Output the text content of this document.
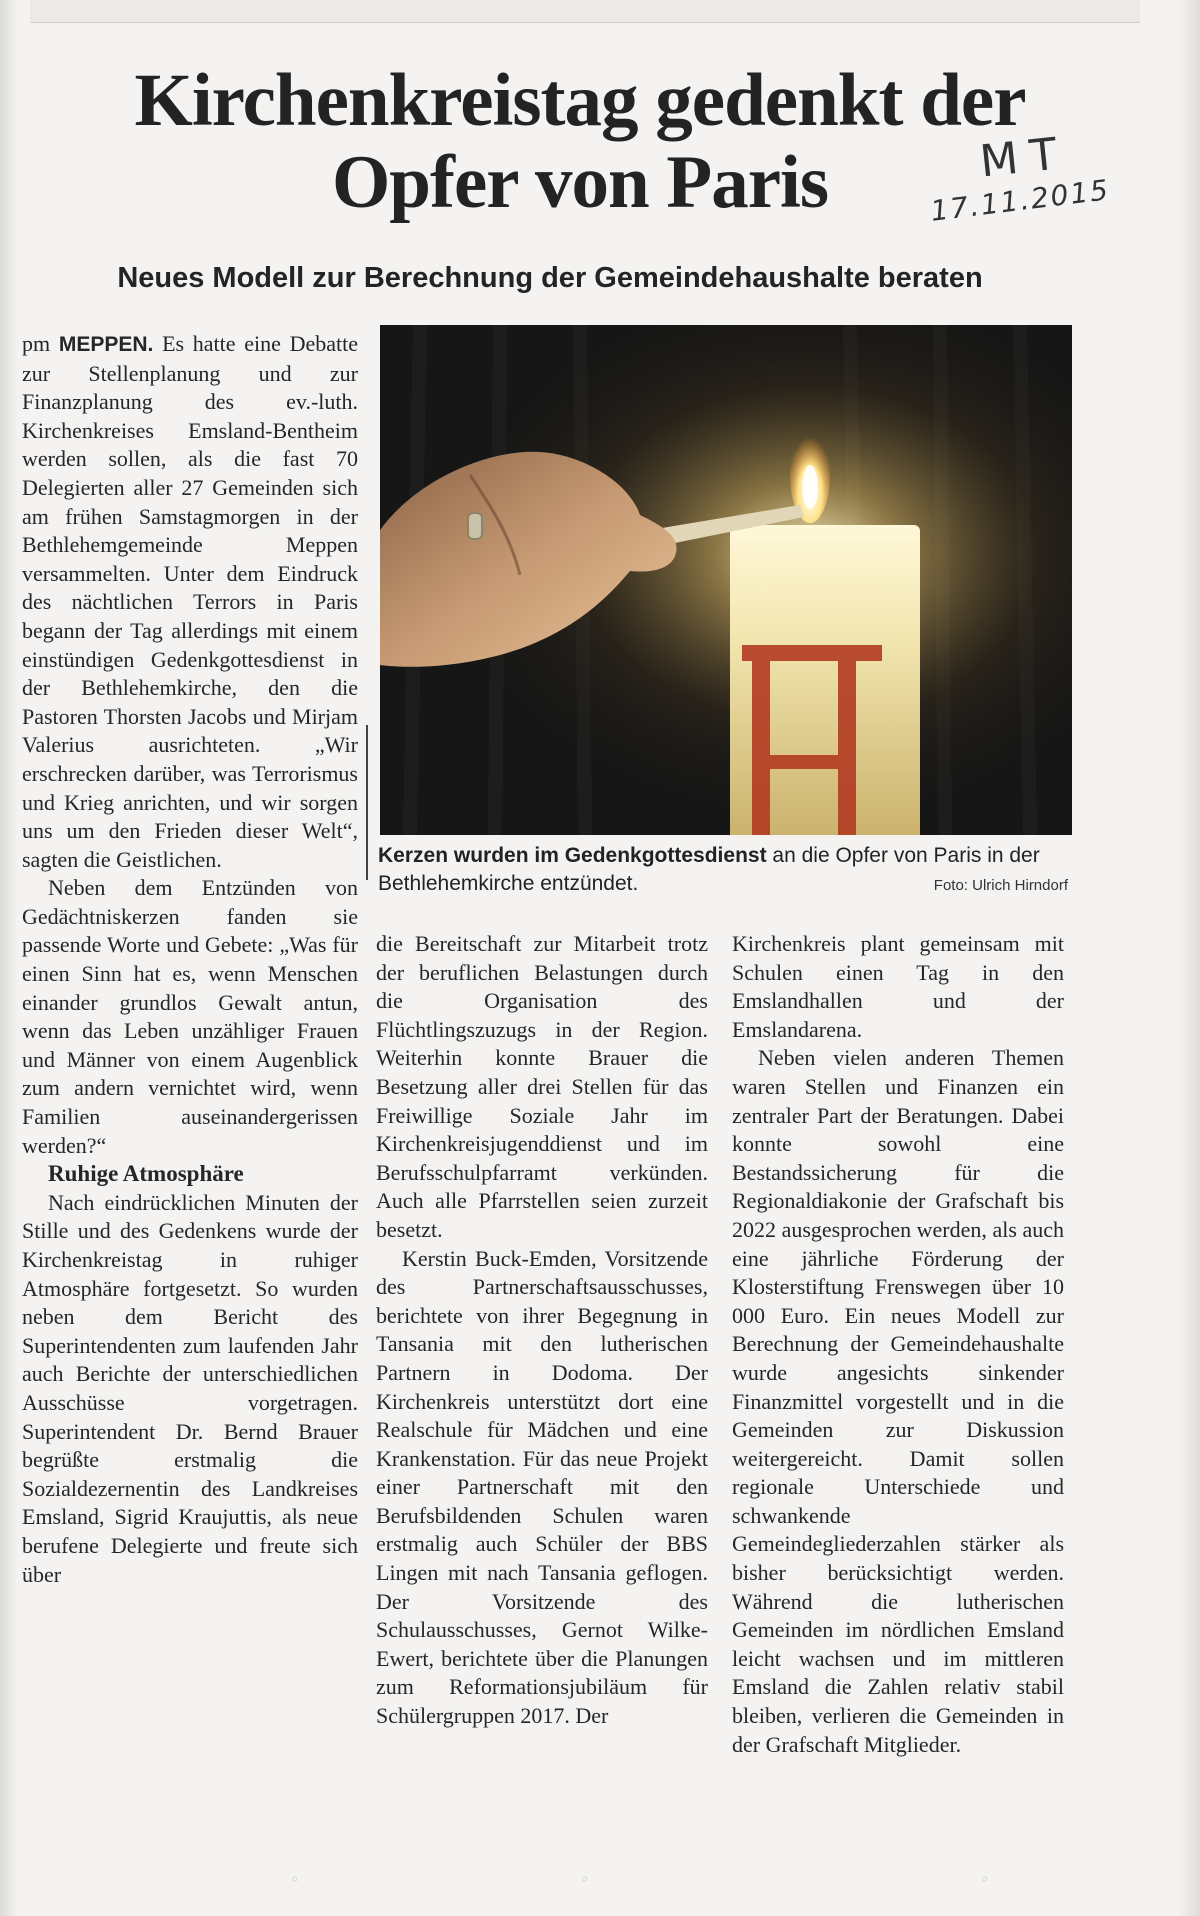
Kirchenkreistag gedenkt der Opfer von Paris	MT
17.11.2015
Neues Modell zur Berechnung der Gemeindehaushalte beraten
Kerzen wurden im Gedenkgottesdienst an die Opfer von Paris in der Bethlehemkirche entzündet.	Foto: Ulrich Hirndorf

pm MEPPEN. Es hatte eine Debatte zur Stellenplanung und zur Finanzplanung des ev.-luth. Kirchenkreises Emsland-Bentheim werden sollen, als die fast 70 Delegierten aller 27 Gemeinden sich am frühen Samstagmorgen in der Bethlehemgemeinde Meppen versammelten. Unter dem Eindruck des nächtlichen Terrors in Paris begann der Tag allerdings mit einem einstündigen Gedenkgottesdienst in der Bethlehemkirche, den die Pastoren Thorsten Jacobs und Mirjam Valerius ausrichteten. „Wir erschrecken darüber, was Terrorismus und Krieg anrichten, und wir sorgen uns um den Frieden dieser Welt“, sagten die Geistlichen.

Neben dem Entzünden von Gedächtniskerzen fanden sie passende Worte und Gebete: „Was für einen Sinn hat es, wenn Menschen einander grundlos Gewalt antun, wenn das Leben unzähliger Frauen und Männer von einem Augenblick zum andern vernichtet wird, wenn Familien auseinandergerissen werden?“

Ruhige Atmosphäre

Nach eindrücklichen Minuten der Stille und des Gedenkens wurde der Kirchenkreistag in ruhiger Atmosphäre fortgesetzt. So wurden neben dem Bericht des Superintendenten zum laufenden Jahr auch Berichte der unterschiedlichen Ausschüsse vorgetragen. Superintendent Dr. Bernd Brauer begrüßte erstmalig die Sozialdezernentin des Landkreises Emsland, Sigrid Kraujuttis, als neue berufene Delegierte und freute sich über

die Bereitschaft zur Mitarbeit trotz der beruflichen Belastungen durch die Organisation des Flüchtlingszuzugs in der Region. Weiterhin konnte Brauer die Besetzung aller drei Stellen für das Freiwillige Soziale Jahr im Kirchenkreisjugenddienst und im Berufsschulpfarramt verkünden. Auch alle Pfarrstellen seien zurzeit besetzt.

Kerstin Buck-Emden, Vorsitzende des Partnerschaftsausschusses, berichtete von ihrer Begegnung in Tansania mit den lutherischen Partnern in Dodoma. Der Kirchenkreis unterstützt dort eine Realschule für Mädchen und eine Krankenstation. Für das neue Projekt einer Partnerschaft mit den Berufsbildenden Schulen waren erstmalig auch Schüler der BBS Lingen mit nach Tansania geflogen. Der Vorsitzende des Schulausschusses, Gernot Wilke-Ewert, berichtete über die Planungen zum Reformationsjubiläum für Schülergruppen 2017. Der

Kirchenkreis plant gemeinsam mit Schulen einen Tag in den Emslandhallen und der Emslandarena.

Neben vielen anderen Themen waren Stellen und Finanzen ein zentraler Part der Beratungen. Dabei konnte sowohl eine Bestandssicherung für die Regionaldiakonie der Grafschaft bis 2022 ausgesprochen werden, als auch eine jährliche Förderung der Klosterstiftung Frenswegen über 10 000 Euro. Ein neues Modell zur Berechnung der Gemeindehaushalte wurde angesichts sinkender Finanzmittel vorgestellt und in die Gemeinden zur Diskussion weitergereicht. Damit sollen regionale Unterschiede und schwankende Gemeindegliederzahlen stärker als bisher berücksichtigt werden. Während die lutherischen Gemeinden im nördlichen Emsland leicht wachsen und im mittleren Emsland die Zahlen relativ stabil bleiben, verlieren die Gemeinden in der Grafschaft Mitglieder.

◦	◦	◦
